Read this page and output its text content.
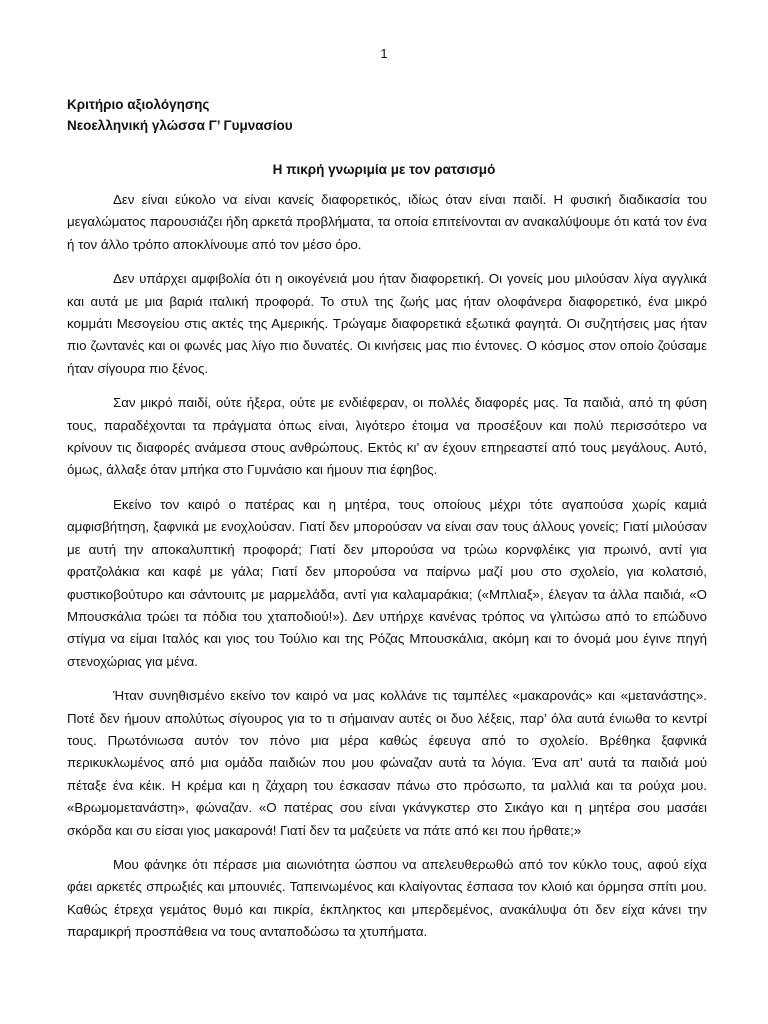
1
Κριτήριο αξιολόγησης
Νεοελληνική γλώσσα Γ’ Γυμνασίου
Η πικρή γνωριμία με τον ρατσισμό

Δεν είναι εύκολο να είναι κανείς διαφορετικός, ιδίως όταν είναι παιδί. Η φυσική διαδικασία του μεγαλώματος παρουσιάζει ήδη αρκετά προβλήματα, τα οποία επιτείνονται αν ανακαλύψουμε ότι κατά τον ένα ή τον άλλο τρόπο αποκλίνουμε από τον μέσο όρο.

Δεν υπάρχει αμφιβολία ότι η οικογένειά μου ήταν διαφορετική. Οι γονείς μου μιλούσαν λίγα αγγλικά και αυτά με μια βαριά ιταλική προφορά. Το στυλ της ζωής μας ήταν ολοφάνερα διαφορετικό, ένα μικρό κομμάτι Μεσογείου στις ακτές της Αμερικής. Τρώγαμε διαφορετικά εξωτικά φαγητά. Οι συζητήσεις μας ήταν πιο ζωντανές και οι φωνές μας λίγο πιο δυνατές. Οι κινήσεις μας πιο έντονες. Ο κόσμος στον οποίο ζούσαμε ήταν σίγουρα πιο ξένος.

Σαν μικρό παιδί, ούτε ήξερα, ούτε με ενδιέφεραν, οι πολλές διαφορές μας. Τα παιδιά, από τη φύση τους, παραδέχονται τα πράγματα όπως είναι, λιγότερο έτοιμα να προσέξουν και πολύ περισσότερο να κρίνουν τις διαφορές ανάμεσα στους ανθρώπους. Εκτός κι’ αν έχουν επηρεαστεί από τους μεγάλους. Αυτό, όμως, άλλαξε όταν μπήκα στο Γυμνάσιο και ήμουν πια έφηβος.

Εκείνο τον καιρό ο πατέρας και η μητέρα, τους οποίους μέχρι τότε αγαπούσα χωρίς καμιά αμφισβήτηση, ξαφνικά με ενοχλούσαν. Γιατί δεν μπορούσαν να είναι σαν τους άλλους γονείς; Γιατί μιλούσαν με αυτή την αποκαλυπτική προφορά; Γιατί δεν μπορούσα να τρώω κορνφλέικς για πρωινό, αντί για φρατζολάκια και καφέ με γάλα; Γιατί δεν μπορούσα να παίρνω μαζί μου στο σχολείο, για κολατσιό, φυστικοβούτυρο και σάντουιτς με μαρμελάδα, αντί για καλαμαράκια; («Μπλιαξ», έλεγαν τα άλλα παιδιά, «Ο Μπουσκάλια τρώει τα πόδια του χταποδιού!»). Δεν υπήρχε κανένας τρόπος να γλιτώσω από το επώδυνο στίγμα να είμαι Ιταλός και γιος του Τούλιο και της Ρόζας Μπουσκάλια, ακόμη και το όνομά μου έγινε πηγή στενοχώριας για μένα.

Ήταν συνηθισμένο εκείνο τον καιρό να μας κολλάνε τις ταμπέλες «μακαρονάς» και «μετανάστης». Ποτέ δεν ήμουν απολύτως σίγουρος για το τι σήμαιναν αυτές οι δυο λέξεις, παρ’ όλα αυτά ένιωθα το κεντρί τους. Πρωτόνιωσα αυτόν τον πόνο μια μέρα καθώς έφευγα από το σχολείο. Βρέθηκα ξαφνικά περικυκλωμένος από μια ομάδα παιδιών που μου φώναζαν αυτά τα λόγια. Ένα απ’ αυτά τα παιδιά μού πέταξε ένα κέικ. Η κρέμα και η ζάχαρη του έσκασαν πάνω στο πρόσωπο, τα μαλλιά και τα ρούχα μου. «Βρωμομετανάστη», φώναζαν. «Ο πατέρας σου είναι γκάνγκστερ στο Σικάγο και η μητέρα σου μασάει σκόρδα και συ είσαι γιος μακαρονά! Γιατί δεν τα μαζεύετε να πάτε από κει που ήρθατε;»

Μου φάνηκε ότι πέρασε μια αιωνιότητα ώσπου να απελευθερωθώ από τον κύκλο τους, αφού είχα φάει αρκετές σπρωξιές και μπουνιές. Ταπεινωμένος και κλαίγοντας έσπασα τον κλοιό και όρμησα σπίτι μου. Καθώς έτρεχα γεμάτος θυμό και πικρία, έκπληκτος και μπερδεμένος, ανακάλυψα ότι δεν είχα κάνει την παραμικρή προσπάθεια να τους ανταποδώσω τα χτυπήματα.
